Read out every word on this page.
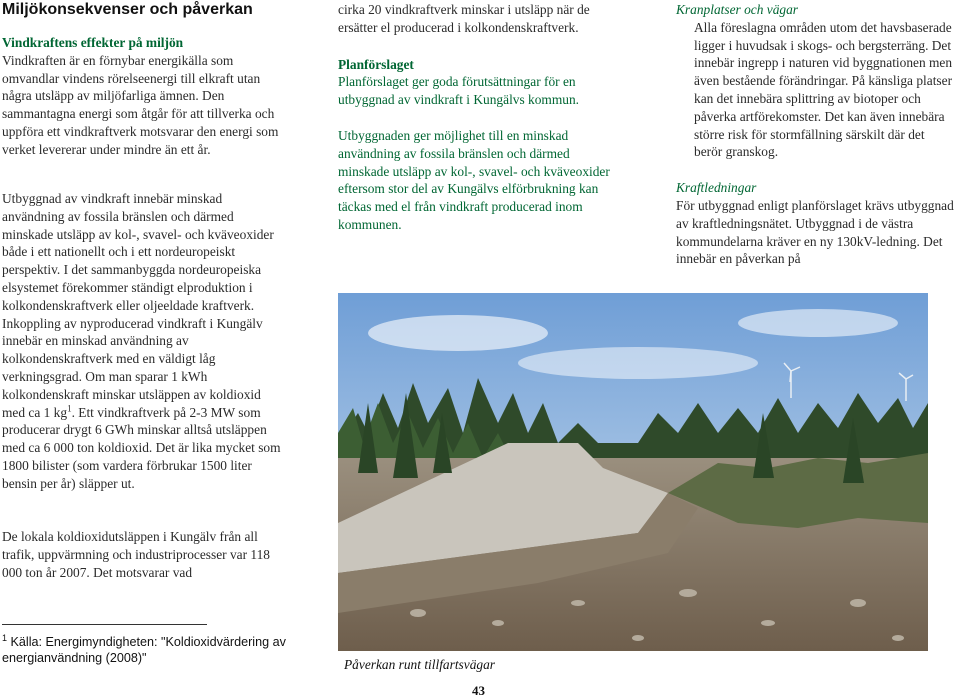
Miljökonsekvenser och påverkan

Vindkraftens effekter på miljön

Vindkraften är en förnybar energikälla som omvandlar vindens rörelseenergi till elkraft utan några utsläpp av miljöfarliga ämnen. Den sammantagna energi som åtgår för att tillverka och uppföra ett vindkraftverk motsvarar den energi som verket levererar under mindre än ett år.

Utbyggnad av vindkraft innebär minskad användning av fossila bränslen och därmed minskade utsläpp av kol-, svavel- och kväveoxider både i ett nationellt och i ett nordeuropeiskt perspektiv. I det sammanbyggda nordeuropeiska elsystemet förekommer ständigt elproduktion i kolkondenskraftverk eller oljeeldade kraftverk. Inkoppling av nyproducerad vindkraft i Kungälv innebär en minskad användning av kolkondenskraftverk med en väldigt låg verkningsgrad. Om man sparar 1 kWh kolkondenskraft minskar utsläppen av koldioxid med ca 1 $kg^1$. Ett vindkraftverk på 2-3 MW som producerar drygt 6 GWh minskar alltså utsläppen med ca 6 000 ton koldioxid. Det är lika mycket som 1800 bilister (som vardera förbrukar 1500 liter bensin per år) släpper ut.

De lokala koldioxidutsläppen i Kungälv från all trafik, uppvärmning och industriprocesser var 118 000 ton år 2007. Det motsvarar vad

$^1$ Källa: Energimyndigheten: "Koldioxidvärdering av energianvändning (2008)"

cirka 20 vindkraftverk minskar i utsläpp när de ersätter el producerad i kolkondenskraftverk.

Planförslaget

Planförslaget ger goda förutsättningar för en utbyggnad av vindkraft i Kungälvs kommun.

Utbyggnaden ger möjlighet till en minskad användning av fossila bränslen och därmed minskade utsläpp av kol-, svavel- och kväveoxider eftersom stor del av Kungälvs elförbrukning kan täckas med el från vindkraft producerad inom kommunen.

Kranplatser och vägar

Alla föreslagna områden utom det havsbaserade ligger i huvudsak i skogs- och bergsterräng. Det innebär ingrepp i naturen vid byggnationen men även bestående förändringar. På känsliga platser kan det innebära splittring av biotoper och påverka artförekomster. Det kan även innebära större risk för stormfällning särskilt där det berör granskog.

Kraftledningar

För utbyggnad enligt planförslaget krävs utbyggnad av kraftledningsnätet. Utbyggnad i de västra kommundelarna kräver en ny 130kV-ledning. Det innebär en påverkan på

Påverkan runt tillfartsvägar
43
